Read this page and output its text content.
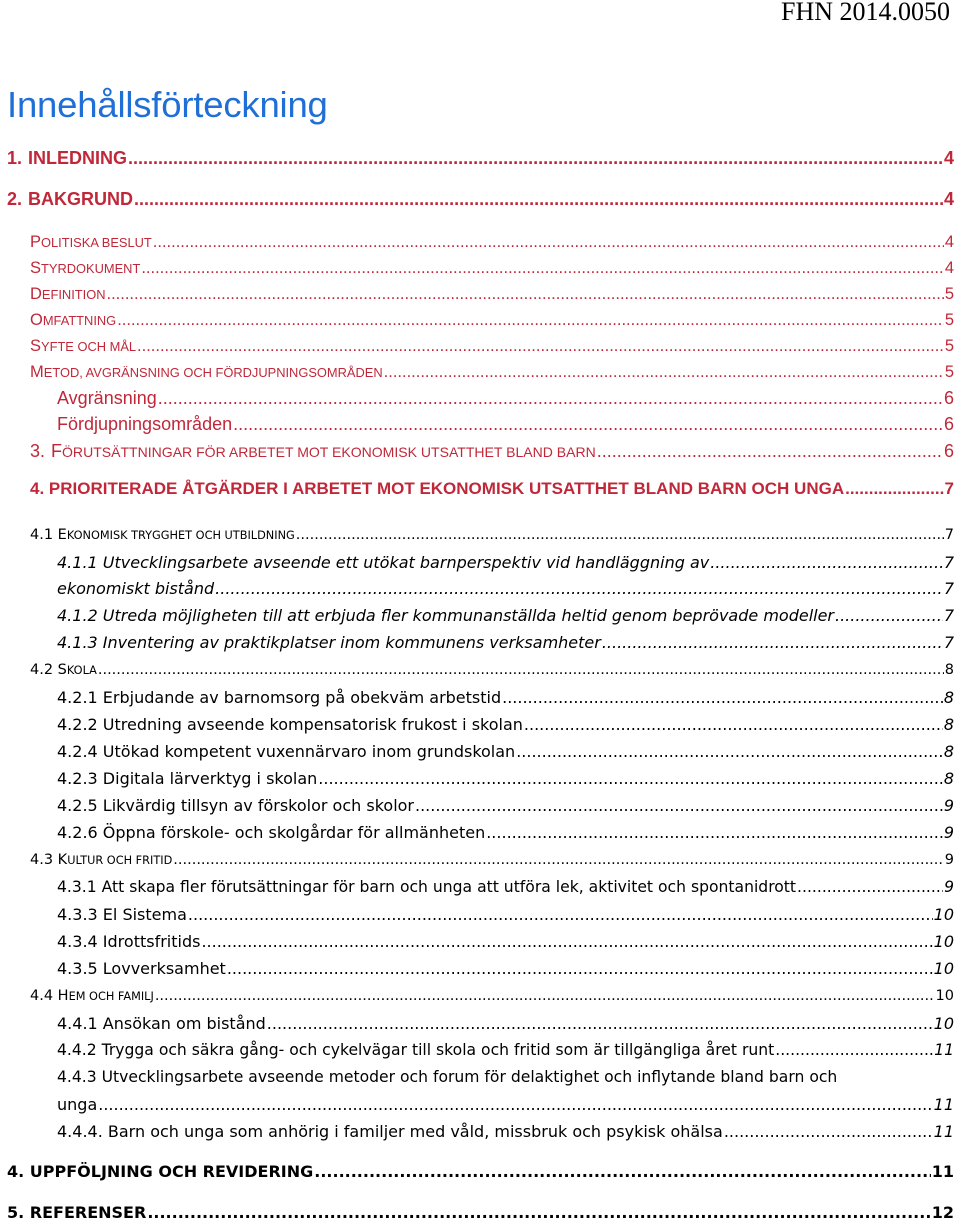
FHN 2014.0050
Innehållsförteckning
1. INLEDNING .....	4
2. BAKGRUND .....	4
POLITISKA BESLUT .....	4
STYRDOKUMENT .....	4
DEFINITION .....	5
OMFATTNING .....	5
SYFTE OCH MÅL .....	5
METOD, AVGRÄNSNING OCH FÖRDJUPNINGSOMRÅDEN .....	5
Avgränsning .....	6
Fördjupningsområden .....	6
3. FÖRUTSÄTTNINGAR FÖR ARBETET MOT EKONOMISK UTSATTHET BLAND BARN .....	6
4. PRIORITERADE ÅTGÄRDER I ARBETET MOT EKONOMISK UTSATTHET BLAND BARN OCH UNGA .....	7
4.1 EKONOMISK TRYGGHET OCH UTBILDNING .....	7
4.1.1 Utvecklingsarbete avseende ett utökat barnperspektiv vid handläggning av .....	7
ekonomiskt bistånd .....	7
4.1.2 Utreda möjligheten till att erbjuda fler kommunanställda heltid genom beprövade modeller .....	7
4.1.3 Inventering av praktikplatser inom kommunens verksamheter .....	7
4.2 SKOLA .....	8
4.2.1 Erbjudande av barnomsorg på obekväm arbetstid .....	8
4.2.2 Utredning avseende kompensatorisk frukost i skolan .....	8
4.2.4 Utökad kompetent vuxennärvaro inom grundskolan .....	8
4.2.3 Digitala lärverktyg i skolan .....	8
4.2.5 Likvärdig tillsyn av förskolor och skolor .....	9
4.2.6 Öppna förskole- och skolgårdar för allmänheten .....	9
4.3 KULTUR OCH FRITID .....	9
4.3.1 Att skapa fler förutsättningar för barn och unga att utföra lek, aktivitet och spontanidrott .....	9
4.3.3 El Sistema .....	10
4.3.4 Idrottsfritids .....	10
4.3.5 Lovverksamhet .....	10
4.4 HEM OCH FAMILJ .....	10
4.4.1 Ansökan om bistånd .....	10
4.4.2 Trygga och säkra gång- och cykelvägar till skola och fritid som är tillgängliga året runt .....	11
4.4.3 Utvecklingsarbete avseende metoder och forum för delaktighet och inflytande bland barn och
unga .....	11
4.4.4. Barn och unga som anhörig i familjer med våld, missbruk och psykisk ohälsa .....	11
4. UPPFÖLJNING OCH REVIDERING .....	11
5. REFERENSER .....	12
